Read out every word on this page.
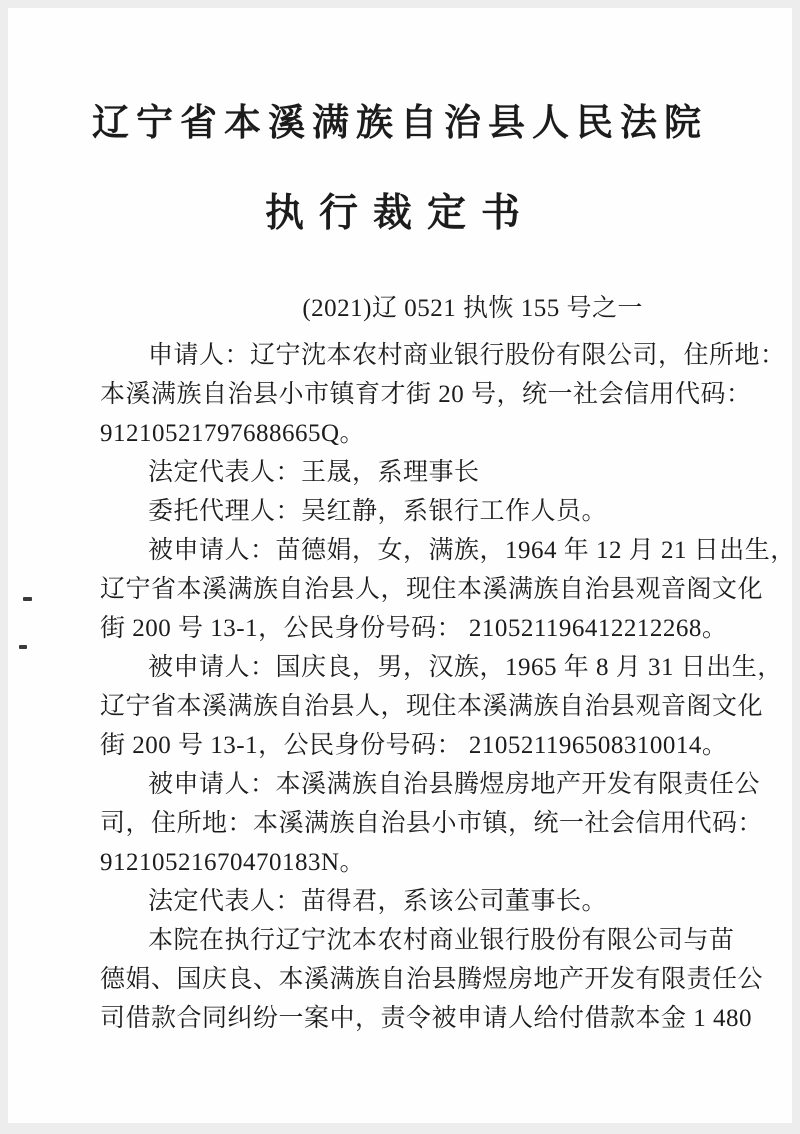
辽宁省本溪满族自治县人民法院
执行裁定书
(2021)辽 0521 执恢 155 号之一
申请人：辽宁沈本农村商业银行股份有限公司，住所地：
本溪满族自治县小市镇育才街 20 号，统一社会信用代码：
91210521797688665Q。
法定代表人：王晟，系理事长
委托代理人：吴红静，系银行工作人员。
被申请人：苗德娟，女，满族，1964 年 12 月 21 日出生，
辽宁省本溪满族自治县人，现住本溪满族自治县观音阁文化
街 200 号 13-1，公民身份号码： 210521196412212268。
被申请人：国庆良，男，汉族，1965 年 8 月 31 日出生，
辽宁省本溪满族自治县人，现住本溪满族自治县观音阁文化
街 200 号 13-1，公民身份号码： 210521196508310014。
被申请人：本溪满族自治县腾煜房地产开发有限责任公
司，住所地：本溪满族自治县小市镇，统一社会信用代码：
91210521670470183N。
法定代表人：苗得君，系该公司董事长。
本院在执行辽宁沈本农村商业银行股份有限公司与苗
德娟、国庆良、本溪满族自治县腾煜房地产开发有限责任公
司借款合同纠纷一案中，责令被申请人给付借款本金 1 480
